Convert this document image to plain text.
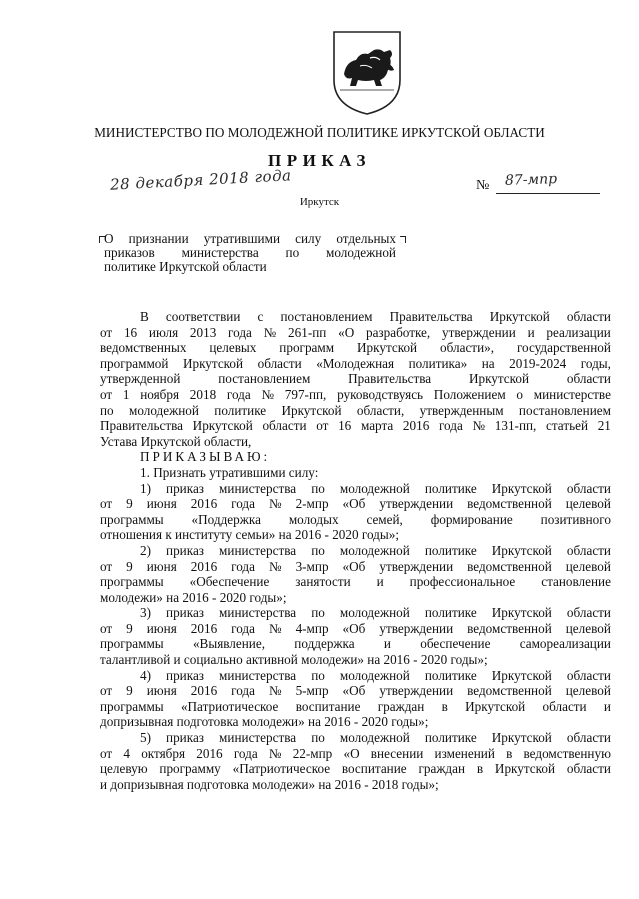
МИНИСТЕРСТВО ПО МОЛОДЕЖНОЙ ПОЛИТИКЕ ИРКУТСКОЙ ОБЛАСТИ
ПРИКАЗ
28 декабря 2018 года	№ 87-мпр
Иркутск
О признании утратившими силу отдельных
приказов министерства по молодежной
политике Иркутской области
В соответствии с постановлением Правительства Иркутской области
от 16 июля 2013 года № 261-пп «О разработке, утверждении и реализации
ведомственных целевых программ Иркутской области», государственной
программой Иркутской области «Молодежная политика» на 2019-2024 годы,
утвержденной	постановлением	Правительства	Иркутской	области
от 1 ноября 2018 года № 797-пп, руководствуясь Положением о министерстве
по молодежной политике Иркутской области, утвержденным постановлением
Правительства Иркутской области от 16 марта 2016 года № 131-пп, статьей 21
Устава Иркутской области,
ПРИКАЗЫВАЮ:
1. Признать утратившими силу:
1) приказ министерства по молодежной политике Иркутской области
от 9 июня 2016 года № 2-мпр «Об утверждении ведомственной целевой
программы «Поддержка молодых семей, формирование позитивного
отношения к институту семьи» на 2016 - 2020 годы»;
2) приказ министерства по молодежной политике Иркутской области
от 9 июня 2016 года № 3-мпр «Об утверждении ведомственной целевой
программы «Обеспечение занятости и профессиональное становление
молодежи» на 2016 - 2020 годы»;
3) приказ министерства по молодежной политике Иркутской области
от 9 июня 2016 года № 4-мпр «Об утверждении ведомственной целевой
программы «Выявление, поддержка и обеспечение самореализации
талантливой и социально активной молодежи» на 2016 - 2020 годы»;
4) приказ министерства по молодежной политике Иркутской области
от 9 июня 2016 года № 5-мпр «Об утверждении ведомственной целевой
программы «Патриотическое воспитание граждан в Иркутской области и
допризывная подготовка молодежи» на 2016 - 2020 годы»;
5) приказ министерства по молодежной политике Иркутской области
от 4 октября 2016 года № 22-мпр «О внесении изменений в ведомственную
целевую программу «Патриотическое воспитание граждан в Иркутской области
и допризывная подготовка молодежи» на 2016 - 2018 годы»;
